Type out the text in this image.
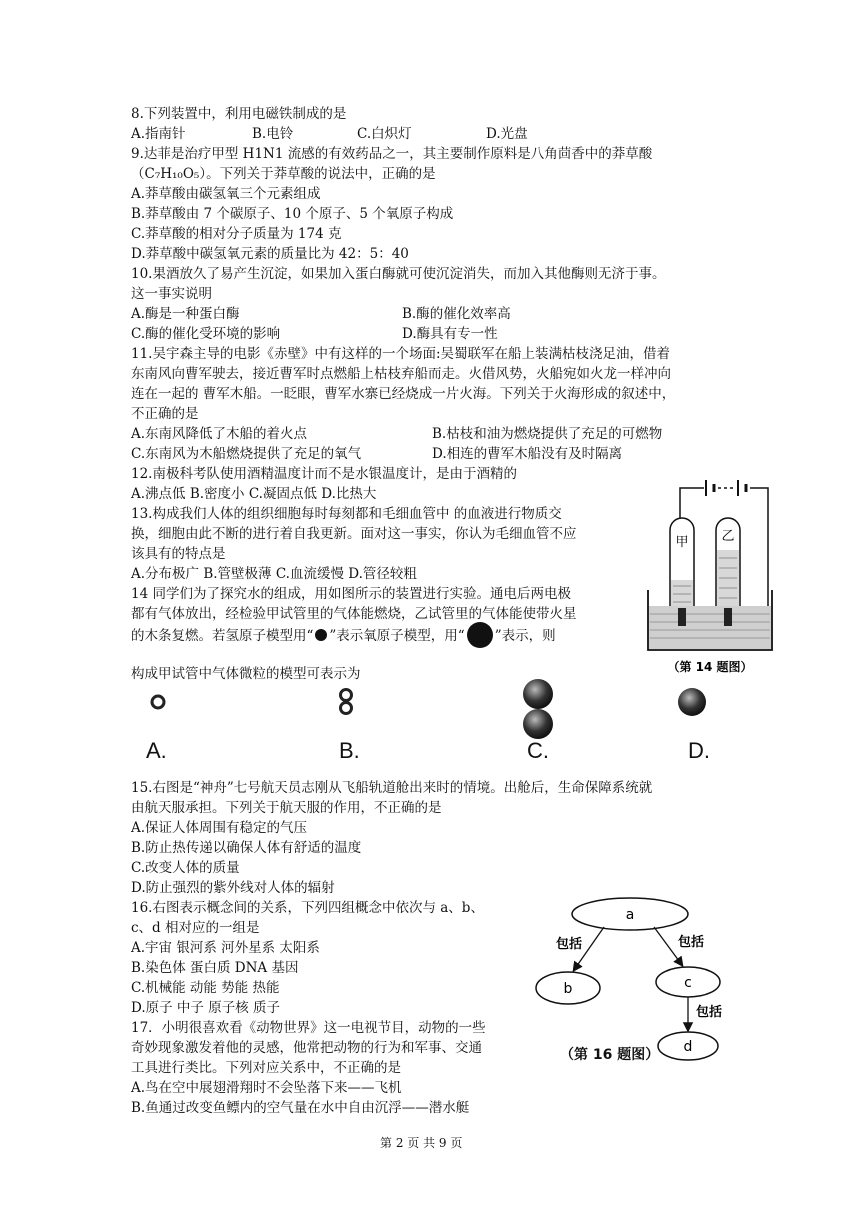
8.下列装置中，利用电磁铁制成的是
A.指南针	B.电铃	C.白炽灯	D.光盘
9.达菲是治疗甲型 H1N1 流感的有效药品之一，其主要制作原料是八角茴香中的莽草酸
（C₇H₁₀O₅）。下列关于莽草酸的说法中，正确的是
A.莽草酸由碳氢氧三个元素组成
B.莽草酸由 7 个碳原子、10 个原子、5 个氧原子构成
C.莽草酸的相对分子质量为 174 克
D.莽草酸中碳氢氧元素的质量比为 42：5：40
10.果酒放久了易产生沉淀，如果加入蛋白酶就可使沉淀消失，而加入其他酶则无济于事。
这一事实说明
A.酶是一种蛋白酶	B.酶的催化效率高
C.酶的催化受环境的影响	D.酶具有专一性
11.吴宇森主导的电影《赤壁》中有这样的一个场面:吴蜀联军在船上装满枯枝浇足油，借着
东南风向曹军驶去，接近曹军时点燃船上枯枝弃船而走。火借风势，火船宛如火龙一样冲向
连在一起的 曹军木船。一眨眼，曹军水寨已经烧成一片火海。下列关于火海形成的叙述中，
不正确的是
A.东南风降低了木船的着火点	B.枯枝和油为燃烧提供了充足的可燃物
C.东南风为木船燃烧提供了充足的氧气	D.相连的曹军木船没有及时隔离
12.南极科考队使用酒精温度计而不是水银温度计，是由于酒精的
A.沸点低 B.密度小 C.凝固点低 D.比热大
13.构成我们人体的组织细胞每时每刻都和毛细血管中 的血液进行物质交
换，细胞由此不断的进行着自我更新。面对这一事实，你认为毛细血管不应
该具有的特点是
A.分布极广 B.管壁极薄 C.血流缓慢 D.管径较粗
14 同学们为了探究水的组成，用如图所示的装置进行实验。通电后两电极
都有气体放出，经检验甲试管里的气体能燃烧，乙试管里的气体能使带火星
的木条复燃。若氢原子模型用“ ”表示氧原子模型，用“ ”表示，则
构成甲试管中气体微粒的模型可表示为
甲	乙
（第 14 题图）
A.	B.	C.	D.
15.右图是“神舟”七号航天员志刚从飞船轨道舱出来时的情境。出舱后，生命保障系统就
由航天服承担。下列关于航天服的作用，不正确的是
A.保证人体周围有稳定的气压
B.防止热传递以确保人体有舒适的温度
C.改变人体的质量
D.防止强烈的紫外线对人体的辐射
16.右图表示概念间的关系，下列四组概念中依次与 a、b、
c、d 相对应的一组是
A.宇宙 银河系 河外星系 太阳系
B.染色体 蛋白质 DNA 基因
C.机械能 动能 势能 热能
D.原子 中子 原子核 质子
a
b	c
d
包括	包括
包括
（第 16 题图）
17．小明很喜欢看《动物世界》这一电视节目，动物的一些
奇妙现象激发着他的灵感，他常把动物的行为和军事、交通
工具进行类比。下列对应关系中，不正确的是
A.鸟在空中展翅滑翔时不会坠落下来——飞机
B.鱼通过改变鱼鳔内的空气量在水中自由沉浮——潜水艇
第 2 页 共 9 页
